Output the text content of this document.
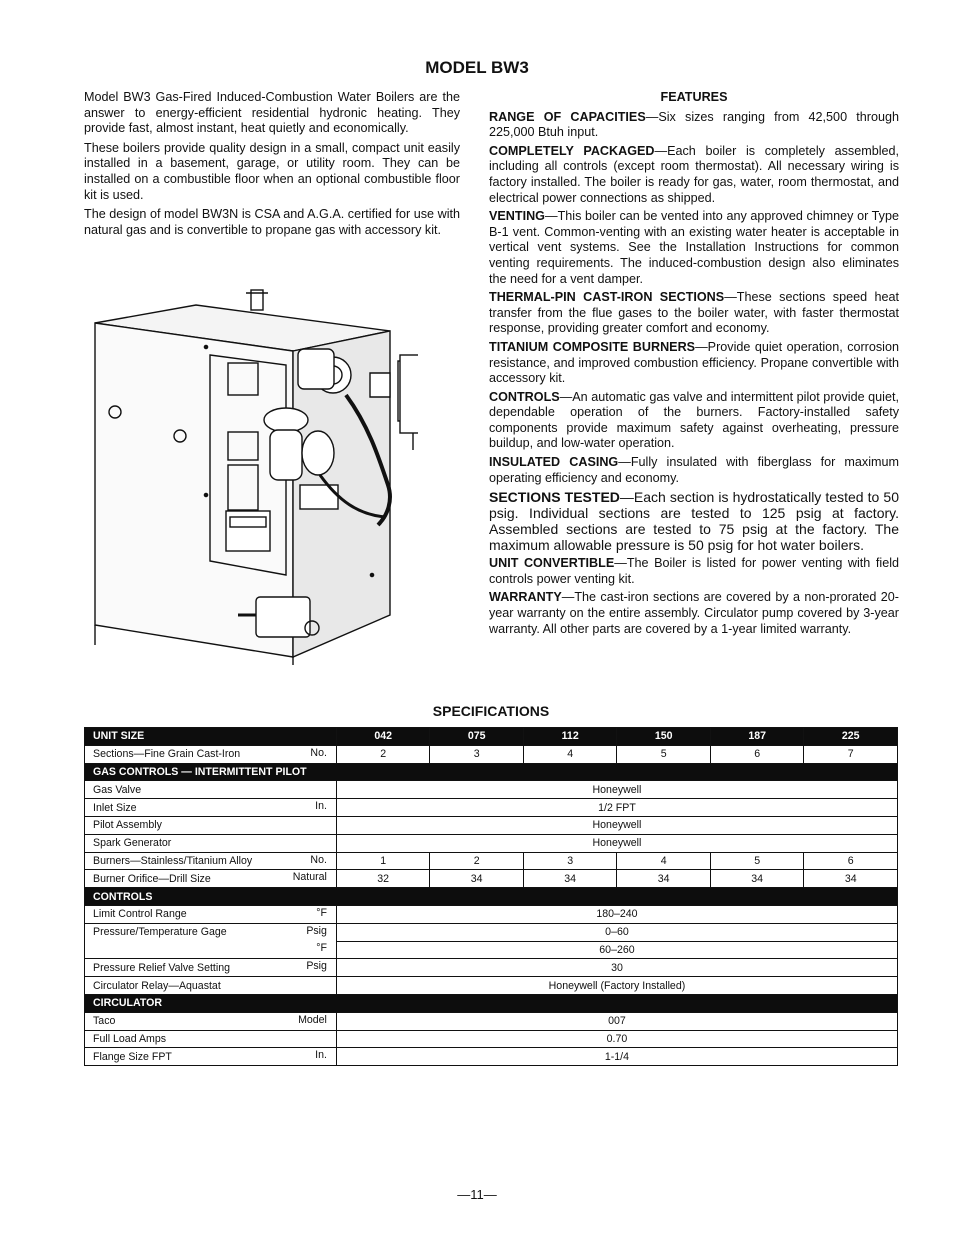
MODEL BW3

Model BW3 Gas-Fired Induced-Combustion Water Boilers are the answer to energy-efficient residential hydronic heating. They provide fast, almost instant, heat quietly and economically.

These boilers provide quality design in a small, compact unit easily installed in a basement, garage, or utility room. They can be installed on a combustible floor when an optional combustible floor kit is used.

The design of model BW3N is CSA and A.G.A. certified for use with natural gas and is convertible to propane gas with accessory kit.

FEATURES

RANGE OF CAPACITIES—Six sizes ranging from 42,500 through 225,000 Btuh input.

COMPLETELY PACKAGED—Each boiler is completely assembled, including all controls (except room thermostat). All necessary wiring is factory installed. The boiler is ready for gas, water, room thermostat, and electrical power connections as shipped.

VENTING—This boiler can be vented into any approved chimney or Type B-1 vent. Common-venting with an existing water heater is acceptable in vertical vent systems. See the Installation Instructions for common venting requirements. The induced-combustion design also eliminates the need for a vent damper.

THERMAL-PIN CAST-IRON SECTIONS—These sections speed heat transfer from the flue gases to the boiler water, with faster thermostat response, providing greater comfort and economy.

TITANIUM COMPOSITE BURNERS—Provide quiet operation, corrosion resistance, and improved combustion efficiency. Propane convertible with accessory kit.

CONTROLS—An automatic gas valve and intermittent pilot provide quiet, dependable operation of the burners. Factory-installed safety components provide maximum safety against overheating, pressure buildup, and low-water operation.

INSULATED CASING—Fully insulated with fiberglass for maximum operating efficiency and economy.

SECTIONS TESTED—Each section is hydrostatically tested to 50 psig. Individual sections are tested to 125 psig at factory. Assembled sections are tested to 75 psig at the factory. The maximum allowable pressure is 50 psig for hot water boilers.

UNIT CONVERTIBLE—The Boiler is listed for power venting with field controls power venting kit.

WARRANTY—The cast-iron sections are covered by a non-prorated 20-year warranty on the entire assembly. Circulator pump covered by 3-year warranty. All other parts are covered by a 1-year limited warranty.

SPECIFICATIONS
UNIT SIZE	042	075	112	150	187	225
Sections—Fine Grain Cast-Iron No.	2	3	4	5	6	7
GAS CONTROLS — INTERMITTENT PILOT						
Gas Valve	Honeywell					
Inlet Size In.	1/2 FPT					
Pilot Assembly	Honeywell					
Spark Generator	Honeywell					
Burners—Stainless/Titanium Alloy No.	1	2	3	4	5	6
Burner Orifice—Drill Size Natural	32	34	34	34	34	34
CONTROLS						
Limit Control Range °F	180–240					
Pressure/Temperature Gage Psig	0–60					

°F	60–260					
Pressure Relief Valve Setting Psig	30					
Circulator Relay—Aquastat	Honeywell (Factory Installed)					
CIRCULATOR						
Taco Model	007					
Full Load Amps	0.70					
Flange Size FPT In.	1-1/4					
—11—
